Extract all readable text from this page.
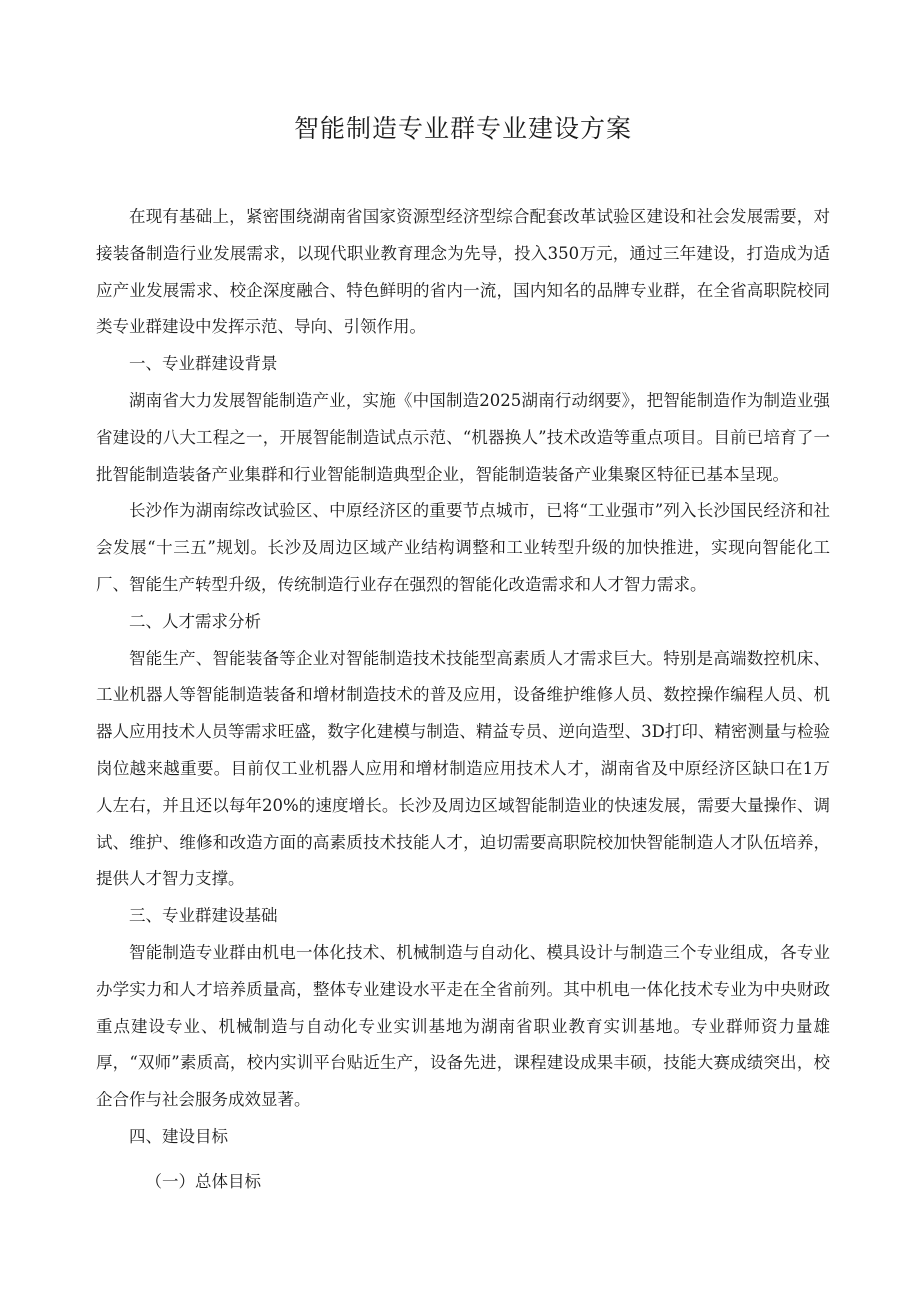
智能制造专业群专业建设方案

在现有基础上，紧密围绕湖南省国家资源型经济型综合配套改革试验区建设和社会发展需要，对接装备制造行业发展需求，以现代职业教育理念为先导，投入350万元，通过三年建设，打造成为适应产业发展需求、校企深度融合、特色鲜明的省内一流，国内知名的品牌专业群，在全省高职院校同类专业群建设中发挥示范、导向、引领作用。

一、专业群建设背景

湖南省大力发展智能制造产业，实施《中国制造2025湖南行动纲要》，把智能制造作为制造业强省建设的八大工程之一，开展智能制造试点示范、“机器换人”技术改造等重点项目。目前已培育了一批智能制造装备产业集群和行业智能制造典型企业，智能制造装备产业集聚区特征已基本呈现。

长沙作为湖南综改试验区、中原经济区的重要节点城市，已将“工业强市”列入长沙国民经济和社会发展“十三五”规划。长沙及周边区域产业结构调整和工业转型升级的加快推进，实现向智能化工厂、智能生产转型升级，传统制造行业存在强烈的智能化改造需求和人才智力需求。

二、人才需求分析

智能生产、智能装备等企业对智能制造技术技能型高素质人才需求巨大。特别是高端数控机床、工业机器人等智能制造装备和增材制造技术的普及应用，设备维护维修人员、数控操作编程人员、机器人应用技术人员等需求旺盛，数字化建模与制造、精益专员、逆向造型、3D打印、精密测量与检验岗位越来越重要。目前仅工业机器人应用和增材制造应用技术人才，湖南省及中原经济区缺口在1万人左右，并且还以每年20%的速度增长。长沙及周边区域智能制造业的快速发展，需要大量操作、调试、维护、维修和改造方面的高素质技术技能人才，迫切需要高职院校加快智能制造人才队伍培养，提供人才智力支撑。

三、专业群建设基础

智能制造专业群由机电一体化技术、机械制造与自动化、模具设计与制造三个专业组成，各专业办学实力和人才培养质量高，整体专业建设水平走在全省前列。其中机电一体化技术专业为中央财政重点建设专业、机械制造与自动化专业实训基地为湖南省职业教育实训基地。专业群师资力量雄厚，“双师”素质高，校内实训平台贴近生产，设备先进，课程建设成果丰硕，技能大赛成绩突出，校企合作与社会服务成效显著。

四、建设目标

（一）总体目标
